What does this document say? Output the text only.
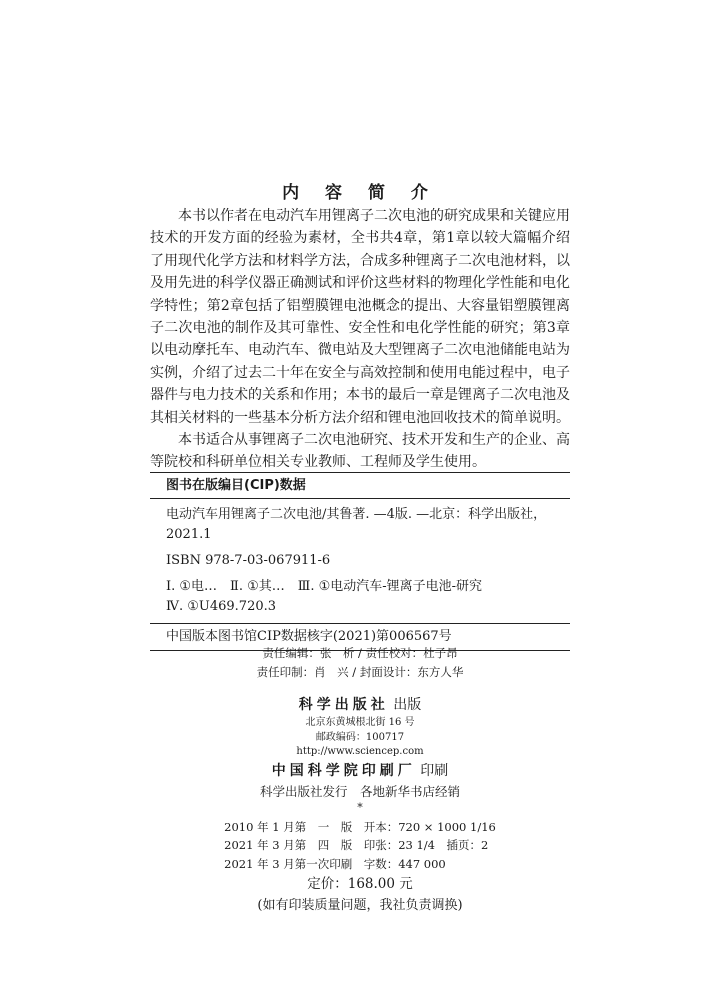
内 容 简 介

本书以作者在电动汽车用锂离子二次电池的研究成果和关键应用技术的开发方面的经验为素材，全书共4章，第1章以较大篇幅介绍了用现代化学方法和材料学方法，合成多种锂离子二次电池材料，以及用先进的科学仪器正确测试和评价这些材料的物理化学性能和电化学特性；第2章包括了铝塑膜锂电池概念的提出、大容量铝塑膜锂离子二次电池的制作及其可靠性、安全性和电化学性能的研究；第3章以电动摩托车、电动汽车、微电站及大型锂离子二次电池储能电站为实例，介绍了过去二十年在安全与高效控制和使用电能过程中，电子器件与电力技术的关系和作用；本书的最后一章是锂离子二次电池及其相关材料的一些基本分析方法介绍和锂电池回收技术的简单说明。

本书适合从事锂离子二次电池研究、技术开发和生产的企业、高等院校和科研单位相关专业教师、工程师及学生使用。

图书在版编目(CIP)数据
电动汽车用锂离子二次电池/其鲁著. —4版. —北京：科学出版社，
2021.1
ISBN 978-7-03-067911-6
Ⅰ. ①电…　Ⅱ. ①其…　Ⅲ. ①电动汽车-锂离子电池-研究
Ⅳ. ①U469.720.3
中国版本图书馆CIP数据核字(2021)第006567号
责任编辑：张　析 / 责任校对：杜子昂
责任印制：肖　兴 / 封面设计：东方人华
科学出版社 出版
北京东黄城根北街 16 号
邮政编码：100717
http://www.sciencep.com
中国科学院印刷厂 印刷
科学出版社发行　各地新华书店经销
*
2010 年 1 月第　一　版　开本：720 × 1000 1/16
2021 年 3 月第　四　版　印张：23 1/4　插页：2
2021 年 3 月第一次印刷　字数：447 000
定价：168.00 元
(如有印装质量问题，我社负责调换)
